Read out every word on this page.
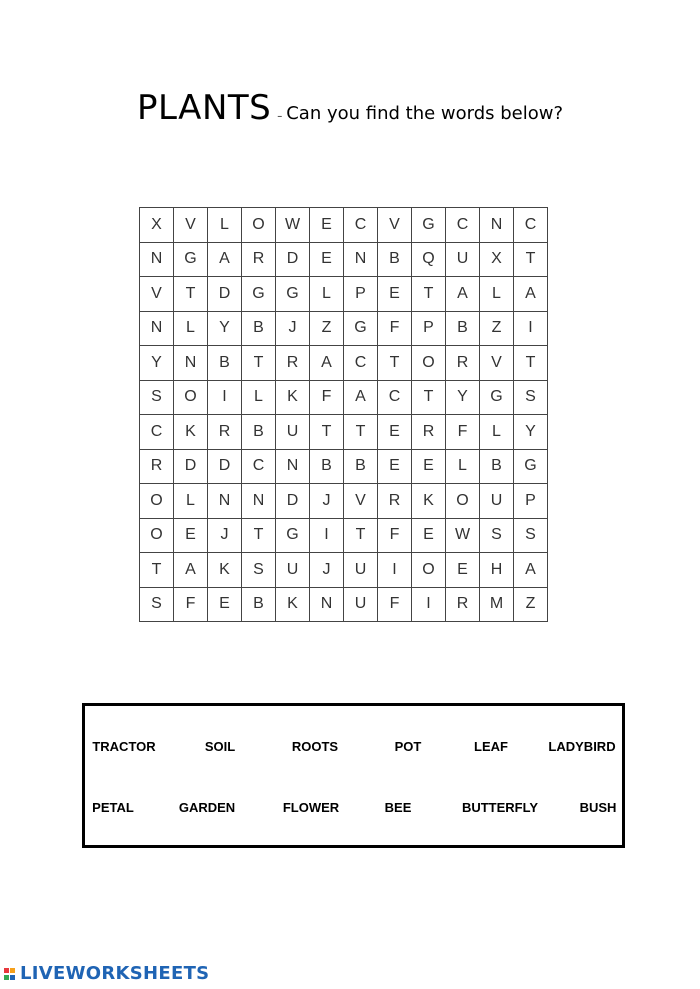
PLANTS – Can you find the words below?
X	V	L	O	W	E	C	V	G	C	N	C
N	G	A	R	D	E	N	B	Q	U	X	T
V	T	D	G	G	L	P	E	T	A	L	A
N	L	Y	B	J	Z	G	F	P	B	Z	I
Y	N	B	T	R	A	C	T	O	R	V	T
S	O	I	L	K	F	A	C	T	Y	G	S
C	K	R	B	U	T	T	E	R	F	L	Y
R	D	D	C	N	B	B	E	E	L	B	G
O	L	N	N	D	J	V	R	K	O	U	P
O	E	J	T	G	I	T	F	E	W	S	S
T	A	K	S	U	J	U	I	O	E	H	A
S	F	E	B	K	N	U	F	I	R	M	Z
TRACTOR	SOIL	ROOTS	POT	LEAF	LADYBIRD
PETAL	GARDEN	FLOWER	BEE	BUTTERFLY	BUSH
LIVEWORKSHEETS
